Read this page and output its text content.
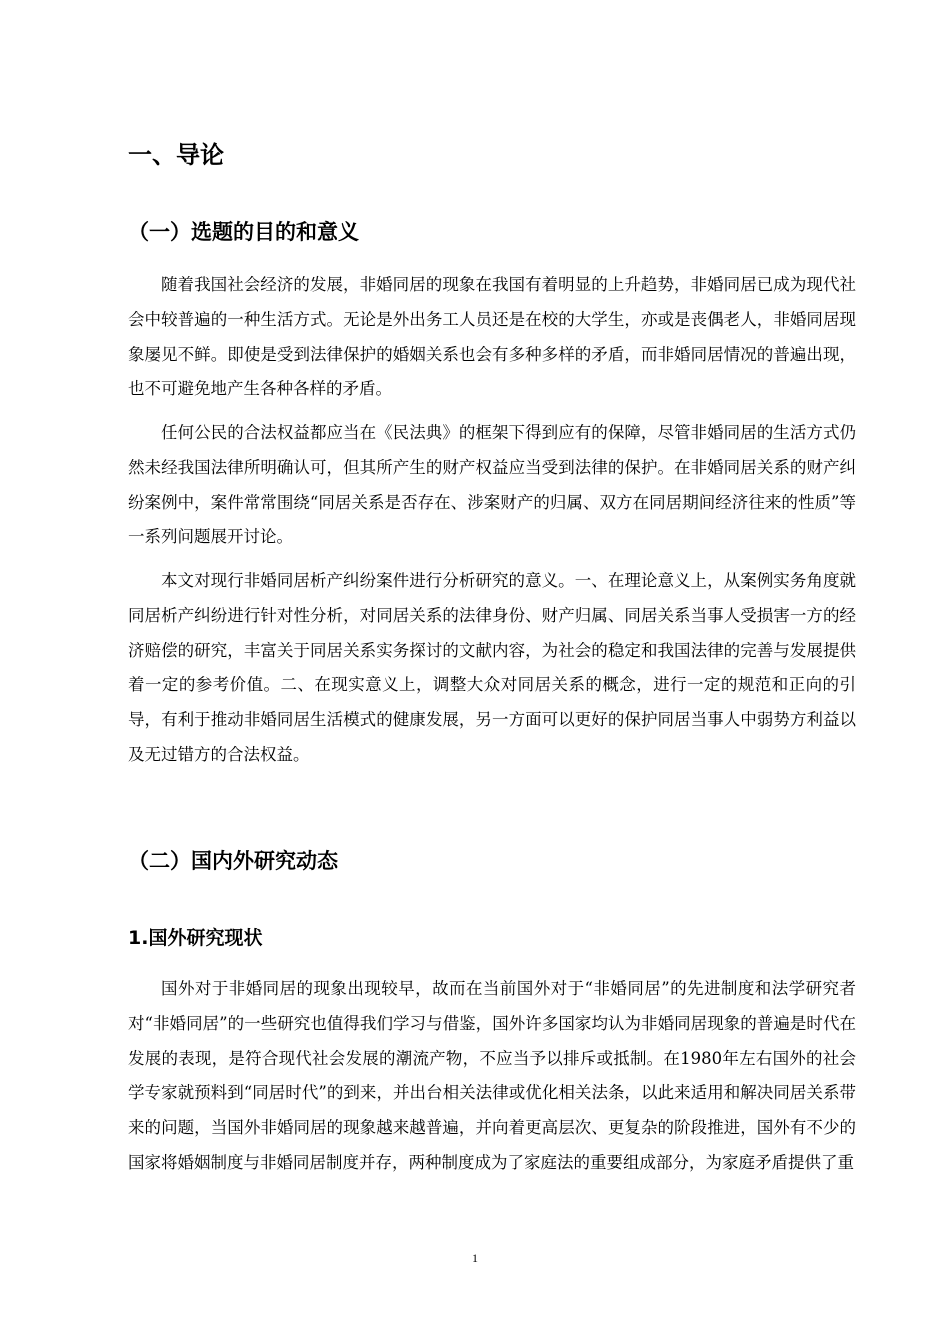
一、导论
（一）选题的目的和意义

随着我国社会经济的发展，非婚同居的现象在我国有着明显的上升趋势，非婚同居已成为现代社会中较普遍的一种生活方式。无论是外出务工人员还是在校的大学生，亦或是丧偶老人，非婚同居现象屡见不鲜。即使是受到法律保护的婚姻关系也会有多种多样的矛盾，而非婚同居情况的普遍出现，也不可避免地产生各种各样的矛盾。

任何公民的合法权益都应当在《民法典》的框架下得到应有的保障，尽管非婚同居的生活方式仍然未经我国法律所明确认可，但其所产生的财产权益应当受到法律的保护。在非婚同居关系的财产纠纷案例中，案件常常围绕“同居关系是否存在、涉案财产的归属、双方在同居期间经济往来的性质”等一系列问题展开讨论。

本文对现行非婚同居析产纠纷案件进行分析研究的意义。一、在理论意义上，从案例实务角度就同居析产纠纷进行针对性分析，对同居关系的法律身份、财产归属、同居关系当事人受损害一方的经济赔偿的研究，丰富关于同居关系实务探讨的文献内容，为社会的稳定和我国法律的完善与发展提供着一定的参考价值。二、在现实意义上，调整大众对同居关系的概念，进行一定的规范和正向的引导，有利于推动非婚同居生活模式的健康发展，另一方面可以更好的保护同居当事人中弱势方利益以及无过错方的合法权益。

（二）国内外研究动态
1.国外研究现状

国外对于非婚同居的现象出现较早，故而在当前国外对于“非婚同居”的先进制度和法学研究者对“非婚同居”的一些研究也值得我们学习与借鉴，国外许多国家均认为非婚同居现象的普遍是时代在发展的表现，是符合现代社会发展的潮流产物，不应当予以排斥或抵制。在1980年左右国外的社会学专家就预料到“同居时代”的到来，并出台相关法律或优化相关法条，以此来适用和解决同居关系带来的问题，当国外非婚同居的现象越来越普遍，并向着更高层次、更复杂的阶段推进，国外有不少的国家将婚姻制度与非婚同居制度并存，两种制度成为了家庭法的重要组成部分，为家庭矛盾提供了重

1
